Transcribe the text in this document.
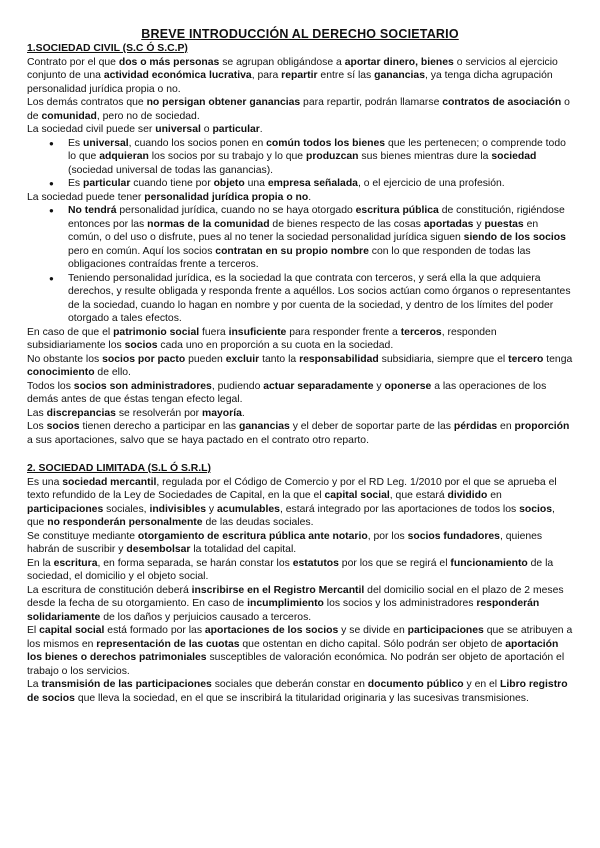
BREVE INTRODUCCIÓN AL DERECHO SOCIETARIO
1.SOCIEDAD CIVIL (S.C Ó S.C.P)

Contrato por el que dos o más personas se agrupan obligándose a aportar dinero, bienes o servicios al ejercicio conjunto de una actividad económica lucrativa, para repartir entre sí las ganancias, ya tenga dicha agrupación personalidad jurídica propia o no.

Los demás contratos que no persigan obtener ganancias para repartir, podrán llamarse contratos de asociación o de comunidad, pero no de sociedad.

La sociedad civil puede ser universal o particular.

● Es universal, cuando los socios ponen en común todos los bienes que les pertenecen; o comprende todo lo que adquieran los socios por su trabajo y lo que produzcan sus bienes mientras dure la sociedad (sociedad universal de todas las ganancias).
● Es particular cuando tiene por objeto una empresa señalada, o el ejercicio de una profesión.

La sociedad puede tener personalidad jurídica propia o no.

● No tendrá personalidad jurídica, cuando no se haya otorgado escritura pública de constitución, rigiéndose entonces por las normas de la comunidad de bienes respecto de las cosas aportadas y puestas en común, o del uso o disfrute, pues al no tener la sociedad personalidad jurídica siguen siendo de los socios pero en común. Aquí los socios contratan en su propio nombre con lo que responden de todas las obligaciones contraídas frente a terceros.
● Teniendo personalidad jurídica, es la sociedad la que contrata con terceros, y será ella la que adquiera derechos, y resulte obligada y responda frente a aquéllos. Los socios actúan como órganos o representantes de la sociedad, cuando lo hagan en nombre y por cuenta de la sociedad, y dentro de los límites del poder otorgado a tales efectos.

En caso de que el patrimonio social fuera insuficiente para responder frente a terceros, responden subsidiariamente los socios cada uno en proporción a su cuota en la sociedad.

No obstante los socios por pacto pueden excluir tanto la responsabilidad subsidiaria, siempre que el tercero tenga conocimiento de ello.

Todos los socios son administradores, pudiendo actuar separadamente y oponerse a las operaciones de los demás antes de que éstas tengan efecto legal.

Las discrepancias se resolverán por mayoría.

Los socios tienen derecho a participar en las ganancias y el deber de soportar parte de las pérdidas en proporción a sus aportaciones, salvo que se haya pactado en el contrato otro reparto.

2. SOCIEDAD LIMITADA (S.L Ó S.R.L)

Es una sociedad mercantil, regulada por el Código de Comercio y por el RD Leg. 1/2010 por el que se aprueba el texto refundido de la Ley de Sociedades de Capital, en la que el capital social, que estará dividido en participaciones sociales, indivisibles y acumulables, estará integrado por las aportaciones de todos los socios, que no responderán personalmente de las deudas sociales.

Se constituye mediante otorgamiento de escritura pública ante notario, por los socios fundadores, quienes habrán de suscribir y desembolsar la totalidad del capital.

En la escritura, en forma separada, se harán constar los estatutos por los que se regirá el funcionamiento de la sociedad, el domicilio y el objeto social.

La escritura de constitución deberá inscribirse en el Registro Mercantil del domicilio social en el plazo de 2 meses desde la fecha de su otorgamiento. En caso de incumplimiento los socios y los administradores responderán solidariamente de los daños y perjuicios causado a terceros.

El capital social está formado por las aportaciones de los socios y se divide en participaciones que se atribuyen a los mismos en representación de las cuotas que ostentan en dicho capital. Sólo podrán ser objeto de aportación los bienes o derechos patrimoniales susceptibles de valoración económica. No podrán ser objeto de aportación el trabajo o los servicios.

La transmisión de las participaciones sociales que deberán constar en documento público y en el Libro registro de socios que lleva la sociedad, en el que se inscribirá la titularidad originaria y las sucesivas transmisiones.
